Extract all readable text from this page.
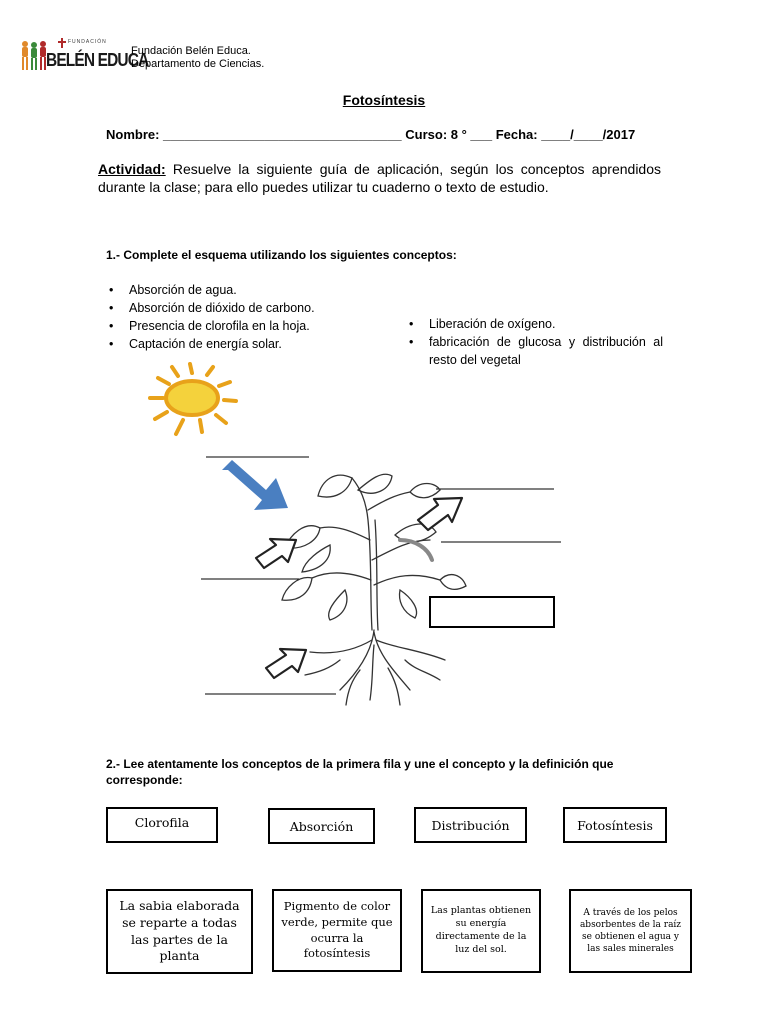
FUNDACIÓN
BELÉN EDUCA
Fundación Belén Educa.
Departamento de Ciencias.
Fotosíntesis
Nombre: _________________________________ Curso: 8 ° ___ Fecha: ____/____/2017
Actividad: Resuelve la siguiente guía de aplicación, según los conceptos aprendidos durante la clase; para ello puedes utilizar tu cuaderno o texto de estudio.
1.- Complete el esquema utilizando los siguientes conceptos:
• Absorción de agua.
• Absorción de dióxido de carbono.
• Presencia de clorofila en la hoja.
• Captación de energía solar.
• Liberación de oxígeno.
• fabricación de glucosa y distribución al resto del vegetal
2.- Lee atentamente los conceptos de la primera fila y une el concepto y la definición que corresponde:
Clorofila	Absorción	Distribución	Fotosíntesis
La sabia elaborada se reparte a todas las partes de la planta
Pigmento de color verde, permite que ocurra la fotosíntesis
Las plantas obtienen su energía directamente de la luz del sol.
A través de los pelos absorbentes de la raíz se obtienen el agua y las sales minerales
